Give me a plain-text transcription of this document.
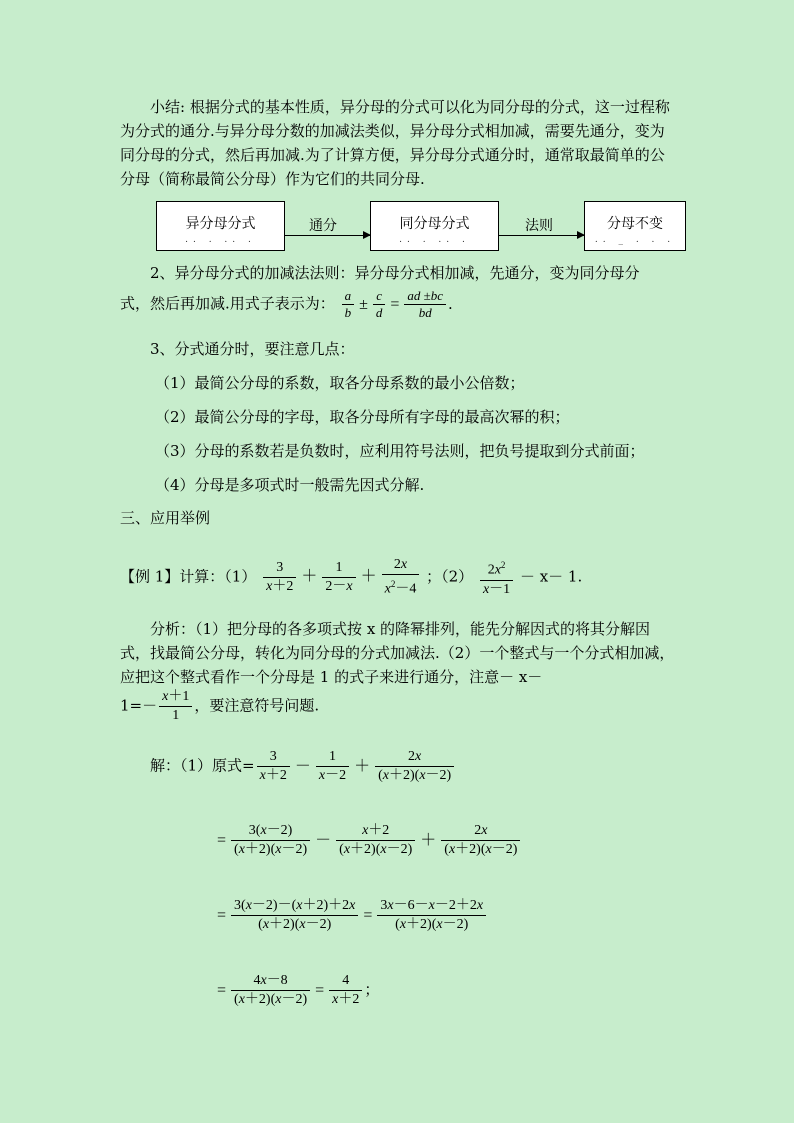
小结: 根据分式的基本性质，异分母的分式可以化为同分母的分式，这一过程称为分式的通分.与异分母分数的加减法类似，异分母分式相加减，需要先通分，变为同分母的分式，然后再加减.为了计算方便，异分母分式通分时，通常取最简单的公分母（简称最简公分母）作为它们的共同分母.

异分母分式
.. . .. .
通分	同分母分式
.. . .. .
法则	分母不变
.. _ . . .
2、异分母分式的加减法法则：异分母分式相加减，先通分，变为同分母分
式，然后再加减.用式子表示为： $\frac{a}{b} \pm \frac{c}{d} = \frac{ad \pm bc}{bd}$ .
3、分式通分时，要注意几点：
（1）最简公分母的系数，取各分母系数的最小公倍数；
（2）最简公分母的字母，取各分母所有字母的最高次幂的积；
（3）分母的系数若是负数时，应利用符号法则，把负号提取到分式前面；
（4）分母是多项式时一般需先因式分解.
三、应用举例
【例 1】计算：$(1) \frac{3}{x+2} + \frac{1}{2-x} + \frac{2x}{x^2-4}$ ；$(2) \frac{2x^2}{x-1} - x- 1$.

分析：（1）把分母的各多项式按 x 的降幂排列，能先分解因式的将其分解因式，找最简公分母，转化为同分母的分式加减法.（2）一个整式与一个分式相加减，应把这个整式看作一个分母是 1 的式子来进行通分，注意－ x－

$1=- \frac{x+1}{1}$ ，要注意符号问题.
解：（1）原式= $\frac{3}{x+2} - \frac{1}{x-2} + \frac{2x}{(x+2)(x-2)}$
= $\frac{3(x-2)}{(x+2)(x-2)} - \frac{x+2}{(x+2)(x-2)} + \frac{2x}{(x+2)(x-2)}$
= $\frac{3(x-2)-(x+2)+2x}{(x+2)(x-2)} = \frac{3x-6-x-2+2x}{(x+2)(x-2)}$
= $\frac{4x-8}{(x+2)(x-2)} = \frac{4}{x+2}$ ；
